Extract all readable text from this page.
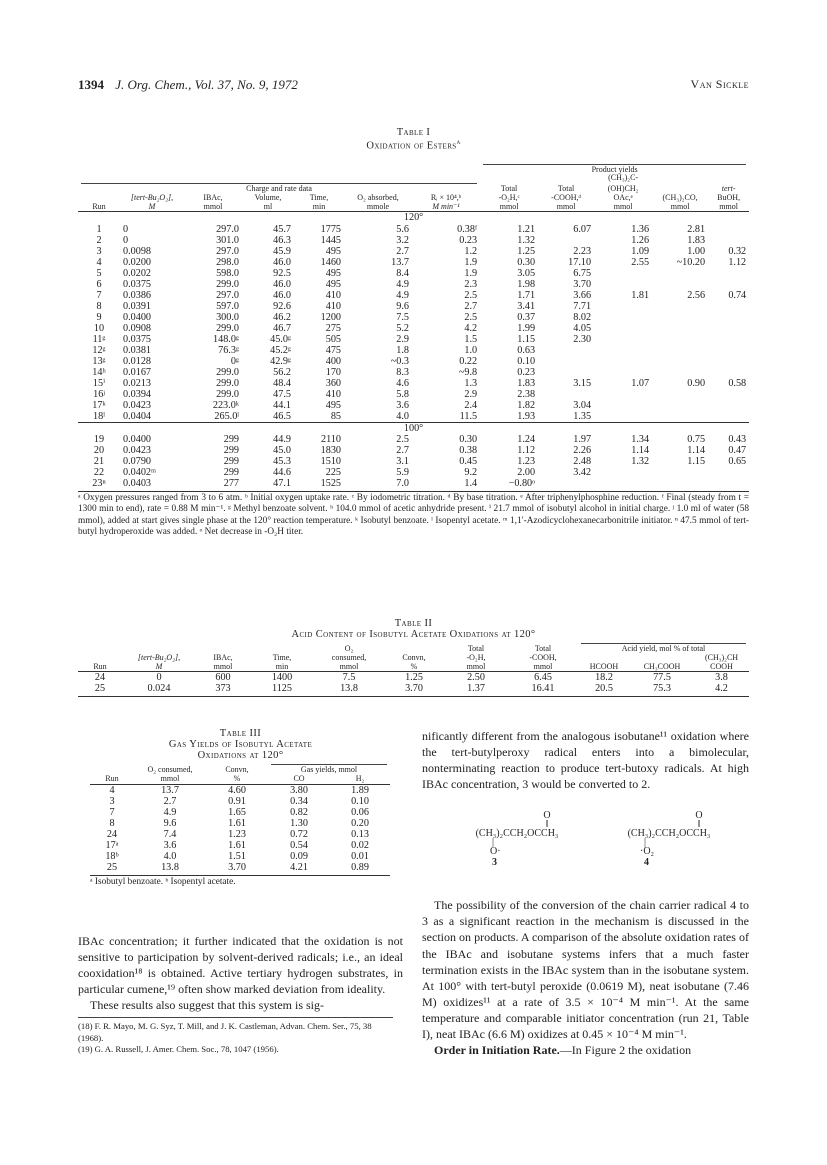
1394 J. Org. Chem., Vol. 37, No. 9, 1972	Van Sickle
Table I
Oxidation of Esters$^a$

							Product yields				

									(CH₃)₂C-		

Charge and rate data							Total	Total	(OH)CH₂		tert-
	[tert-Bu₂O₂],	IBAc,	Volume,	Time,	O₂ absorbed,	Rᵢ × 10⁴,ᵇ	-O₂H,ᶜ	-COOH,ᵈ	OAc,ᵉ	(CH₃)₂CO,	BuOH,
Run	M	mmol	ml	min	mmole	M min⁻¹	mmol	mmol	mmol	mmol	mmol
120°											
1	0	297.0	45.7	1775	5.6	0.38ᶠ	1.21	6.07	1.36	2.81	
2	0	301.0	46.3	1445	3.2	0.23	1.32		1.26	1.83	
3	0.0098	297.0	45.9	495	2.7	1.2	1.25	2.23	1.09	1.00	0.32
4	0.0200	298.0	46.0	1460	13.7	1.9	0.30	17.10	2.55	~10.20	1.12
5	0.0202	598.0	92.5	495	8.4	1.9	3.05	6.75			
6	0.0375	299.0	46.0	495	4.9	2.3	1.98	3.70			
7	0.0386	297.0	46.0	410	4.9	2.5	1.71	3.66	1.81	2.56	0.74
8	0.0391	597.0	92.6	410	9.6	2.7	3.41	7.71			
9	0.0400	300.0	46.2	1200	7.5	2.5	0.37	8.02			
10	0.0908	299.0	46.7	275	5.2	4.2	1.99	4.05			
11ᵍ	0.0375	148.0ᵍ	45.0ᵍ	505	2.9	1.5	1.15	2.30			
12ᵍ	0.0381	76.3ᵍ	45.2ᵍ	475	1.8	1.0	0.63				
13ᵍ	0.0128	0ᵍ	42.9ᵍ	400	~0.3	0.22	0.10				
14ʰ	0.0167	299.0	56.2	170	8.3	~9.8	0.23				
15ⁱ	0.0213	299.0	48.4	360	4.6	1.3	1.83	3.15	1.07	0.90	0.58
16ʲ	0.0394	299.0	47.5	410	5.8	2.9	2.38				
17ᵏ	0.0423	223.0ᵏ	44.1	495	3.6	2.4	1.82	3.04			
18ˡ	0.0404	265.0ˡ	46.5	85	4.0	11.5	1.93	1.35			
100°											
19	0.0400	299	44.9	2110	2.5	0.30	1.24	1.97	1.34	0.75	0.43
20	0.0423	299	45.0	1830	2.7	0.38	1.12	2.26	1.14	1.14	0.47
21	0.0790	299	45.3	1510	3.1	0.45	1.23	2.48	1.32	1.15	0.65
22	0.0402ᵐ	299	44.6	225	5.9	9.2	2.00	3.42			
23ⁿ	0.0403	277	47.1	1525	7.0	1.4	−0.80ᵒ				
ᵃ Oxygen pressures ranged from 3 to 6 atm. ᵇ Initial oxygen uptake rate. ᶜ By iodometric titration. ᵈ By base titration. ᵉ After triphenylphosphine reduction. ᶠ Final (steady from t = 1300 min to end), rate = 0.88 M min⁻¹. ᵍ Methyl benzoate solvent. ʰ 104.0 mmol of acetic anhydride present. ⁱ 21.7 mmol of isobutyl alcohol in initial charge. ʲ 1.0 ml of water (58 mmol), added at start gives single phase at the 120° reaction temperature. ᵏ Isobutyl benzoate. ˡ Isopentyl acetate. ᵐ 1,1′-Azodicyclohexanecarbonitrile initiator. ⁿ 47.5 mmol of tert-butyl hydroperoxide was added. ᵒ Net decrease in -O₂H titer.
Table II
Acid Content of Isobutyl Acetate Oxidations at 120°
				O₂		Total	Total	Acid yield, mol % of total		

	[tert-Bu₂O₂],	IBAc,	Time,	consumed,	Convn,	-O₂H,	-COOH,			(CH₃)₂CH
Run	M	mmol	min	mmol	%	mmol	mmol	HCOOH	CH₃COOH	COOH
24	0	600	1400	7.5	1.25	2.50	6.45	18.2	77.5	3.8
25	0.024	373	1125	13.8	3.70	1.37	16.41	20.5	75.3	4.2
Table III
Gas Yields of Isobutyl Acetate
Oxidations at 120°
	O₂ consumed,	Convn,	Gas yields, mmol	

Run	mmol	%	CO	H₂
4	13.7	4.60	3.80	1.89
3	2.7	0.91	0.34	0.10
7	4.9	1.65	0.82	0.06
8	9.6	1.61	1.30	0.20
24	7.4	1.23	0.72	0.13
17ᵃ	3.6	1.61	0.54	0.02
18ᵇ	4.0	1.51	0.09	0.01
25	13.8	3.70	4.21	0.89
ᵃ Isobutyl benzoate. ᵇ Isopentyl acetate.

IBAc concentration; it further indicated that the oxidation is not sensitive to participation by solvent-derived radicals; i.e., an ideal cooxidation¹⁸ is obtained. Active tertiary hydrogen substrates, in particular cumene,¹⁹ often show marked deviation from ideality.

These results also suggest that this system is sig-

(18) F. R. Mayo, M. G. Syz, T. Mill, and J. K. Castleman, Advan. Chem. Ser., 75, 38 (1968).
(19) G. A. Russell, J. Amer. Chem. Soc., 78, 1047 (1956).

nificantly different from the analogous isobutane¹¹ oxidation where the tert-butylperoxy radical enters into a bimolecular, nonterminating reaction to produce tert-butoxy radicals. At high IBAc concentration, 3 would be converted to 2.

O
‖
(CH₃)₂CCH₂OCCH₃
|
O·
3
O
‖
(CH₃)₂CCH₂OCCH₃
|
·O₂
4

The possibility of the conversion of the chain carrier radical 4 to 3 as a significant reaction in the mechanism is discussed in the section on products. A comparison of the absolute oxidation rates of the IBAc and isobutane systems infers that a much faster termination exists in the IBAc system than in the isobutane system. At 100° with tert-butyl peroxide (0.0619 M), neat isobutane (7.46 M) oxidizes¹¹ at a rate of 3.5 × 10⁻⁴ M min⁻¹. At the same temperature and comparable initiator concentration (run 21, Table I), neat IBAc (6.6 M) oxidizes at 0.45 × 10⁻⁴ M min⁻¹.

Order in Initiation Rate.—In Figure 2 the oxidation
